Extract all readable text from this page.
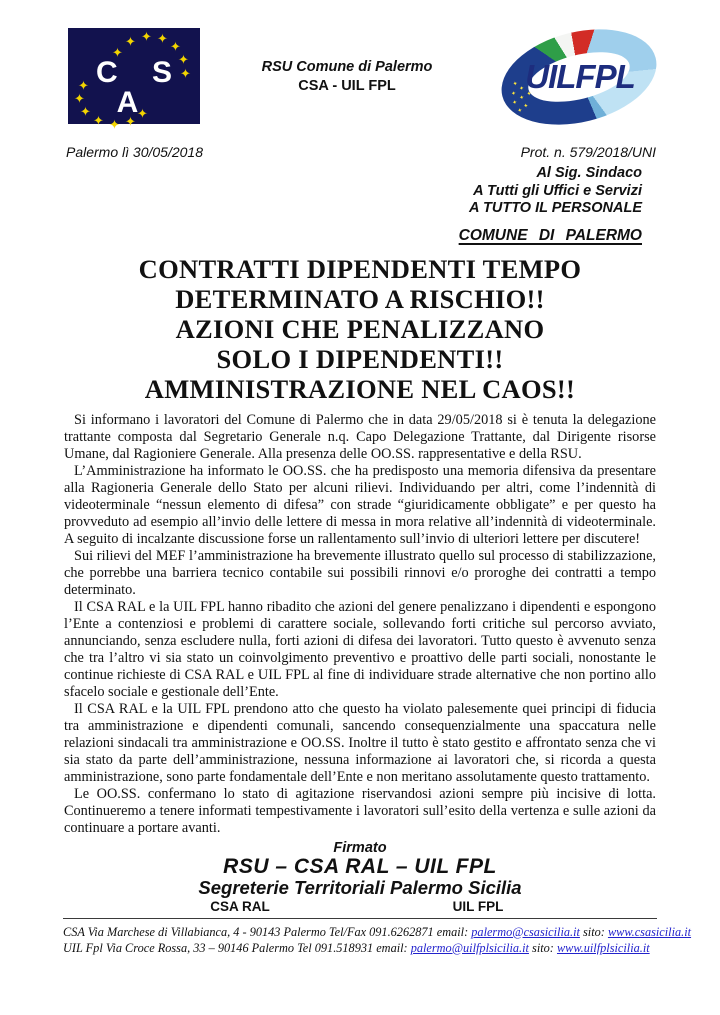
✦
✦
✦
✦
✦
✦
✦
✦
✦
✦
✦
✦
✦
✦
C S A
RSU Comune di Palermo
CSA - UIL FPL ✦ ✦
✦
✦ ✦
✦
✦ ✦	UILFPL
Palermo lì 30/05/2018	Prot. n. 579/2018/UNI
Al Sig. Sindaco
A Tutti gli Uffici e Servizi
A TUTTO IL PERSONALE
COMUNE DI PALERMO
CONTRATTI DIPENDENTI TEMPO
DETERMINATO A RISCHIO!!
AZIONI CHE PENALIZZANO
SOLO I DIPENDENTI!!
AMMINISTRAZIONE NEL CAOS!!

Si informano i lavoratori del Comune di Palermo che in data 29/05/2018 si è tenuta la delegazione trattante composta dal Segretario Generale n.q. Capo Delegazione Trattante, dal Dirigente risorse Umane, dal Ragioniere Generale. Alla presenza delle OO.SS. rappresentative e della RSU.

L’Amministrazione ha informato le OO.SS. che ha predisposto una memoria difensiva da presentare alla Ragioneria Generale dello Stato per alcuni rilievi. Individuando per altri, come l’indennità di videoterminale “nessun elemento di difesa” con strade “giuridicamente obbligate” e per questo ha provveduto ad esempio all’invio delle lettere di messa in mora relative all’indennità di videoterminale. A seguito di incalzante discussione forse un rallentamento sull’invio di ulteriori lettere per discutere!

Sui rilievi del MEF l’amministrazione ha brevemente illustrato quello sul processo di stabilizzazione, che porrebbe una barriera tecnico contabile sui possibili rinnovi e/o proroghe dei contratti a tempo determinato.

Il CSA RAL e la UIL FPL hanno ribadito che azioni del genere penalizzano i dipendenti e espongono l’Ente a contenziosi e problemi di carattere sociale, sollevando forti critiche sul percorso avviato, annunciando, senza escludere nulla, forti azioni di difesa dei lavoratori. Tutto questo è avvenuto senza che tra l’altro vi sia stato un coinvolgimento preventivo e proattivo delle parti sociali, nonostante le continue richieste di CSA RAL e UIL FPL al fine di individuare strade alternative che non portino allo sfacelo sociale e gestionale dell’Ente.

Il CSA RAL e la UIL FPL prendono atto che questo ha violato palesemente quei principi di fiducia tra amministrazione e dipendenti comunali, sancendo consequenzialmente una spaccatura nelle relazioni sindacali tra amministrazione e OO.SS. Inoltre il tutto è stato gestito e affrontato senza che vi sia stato da parte dell’amministrazione, nessuna informazione ai lavoratori che, si ricorda a questa amministrazione, sono parte fondamentale dell’Ente e non meritano assolutamente questo trattamento.

Le OO.SS. confermano lo stato di agitazione riservandosi azioni sempre più incisive di lotta. Continueremo a tenere informati tempestivamente i lavoratori sull’esito della vertenza e sulle azioni da continuare a portare avanti.

Firmato
RSU – CSA RAL – UIL FPL
Segreterie Territoriali Palermo Sicilia
CSA RAL	UIL FPL
CSA Via Marchese di Villabianca, 4 - 90143 Palermo Tel/Fax 091.6262871 email: palermo@csasicilia.it sito: www.csasicilia.it
UIL Fpl Via Croce Rossa, 33 – 90146 Palermo Tel 091.518931 email: palermo@uilfplsicilia.it sito: www.uilfplsicilia.it
